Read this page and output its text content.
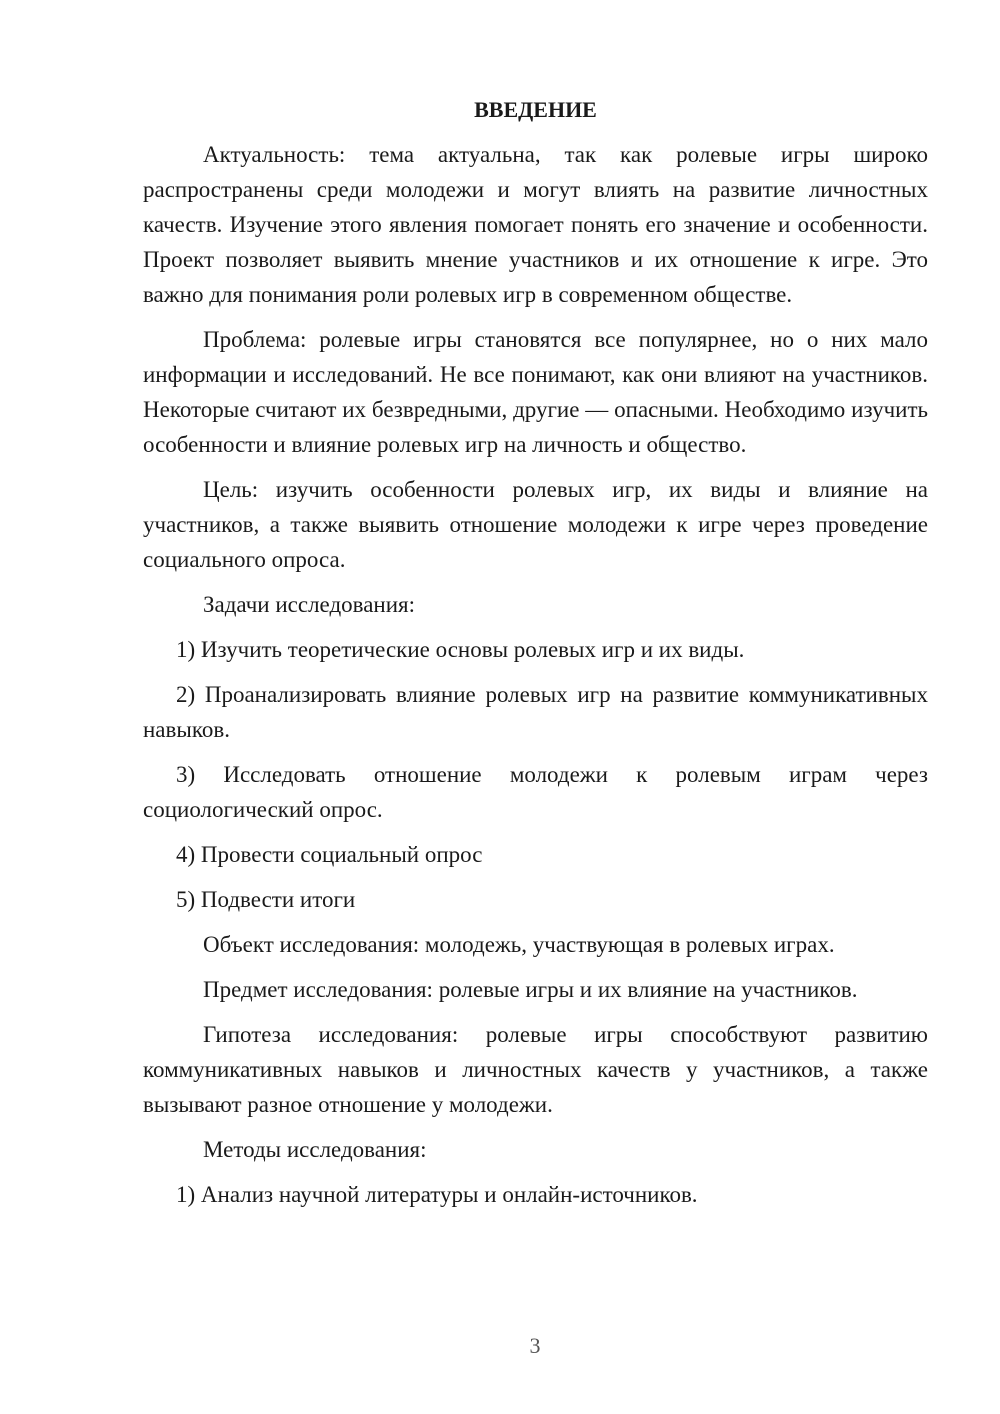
ВВЕДЕНИЕ

Актуальность: тема актуальна, так как ролевые игры широко распространены среди молодежи и могут влиять на развитие личностных качеств. Изучение этого явления помогает понять его значение и особенности. Проект позволяет выявить мнение участников и их отношение к игре. Это важно для понимания роли ролевых игр в современном обществе.

Проблема: ролевые игры становятся все популярнее, но о них мало информации и исследований. Не все понимают, как они влияют на участников. Некоторые считают их безвредными, другие — опасными. Необходимо изучить особенности и влияние ролевых игр на личность и общество.

Цель: изучить особенности ролевых игр, их виды и влияние на участников, а также выявить отношение молодежи к игре через проведение социального опроса.

Задачи исследования:

1) Изучить теоретические основы ролевых игр и их виды.

2) Проанализировать влияние ролевых игр на развитие коммуникативных навыков.

3) Исследовать отношение молодежи к ролевым играм через социологический опрос.

4) Провести социальный опрос

5) Подвести итоги

Объект исследования: молодежь, участвующая в ролевых играх.

Предмет исследования: ролевые игры и их влияние на участников.

Гипотеза исследования: ролевые игры способствуют развитию коммуникативных навыков и личностных качеств у участников, а также вызывают разное отношение у молодежи.

Методы исследования:

1) Анализ научной литературы и онлайн-источников.

3
